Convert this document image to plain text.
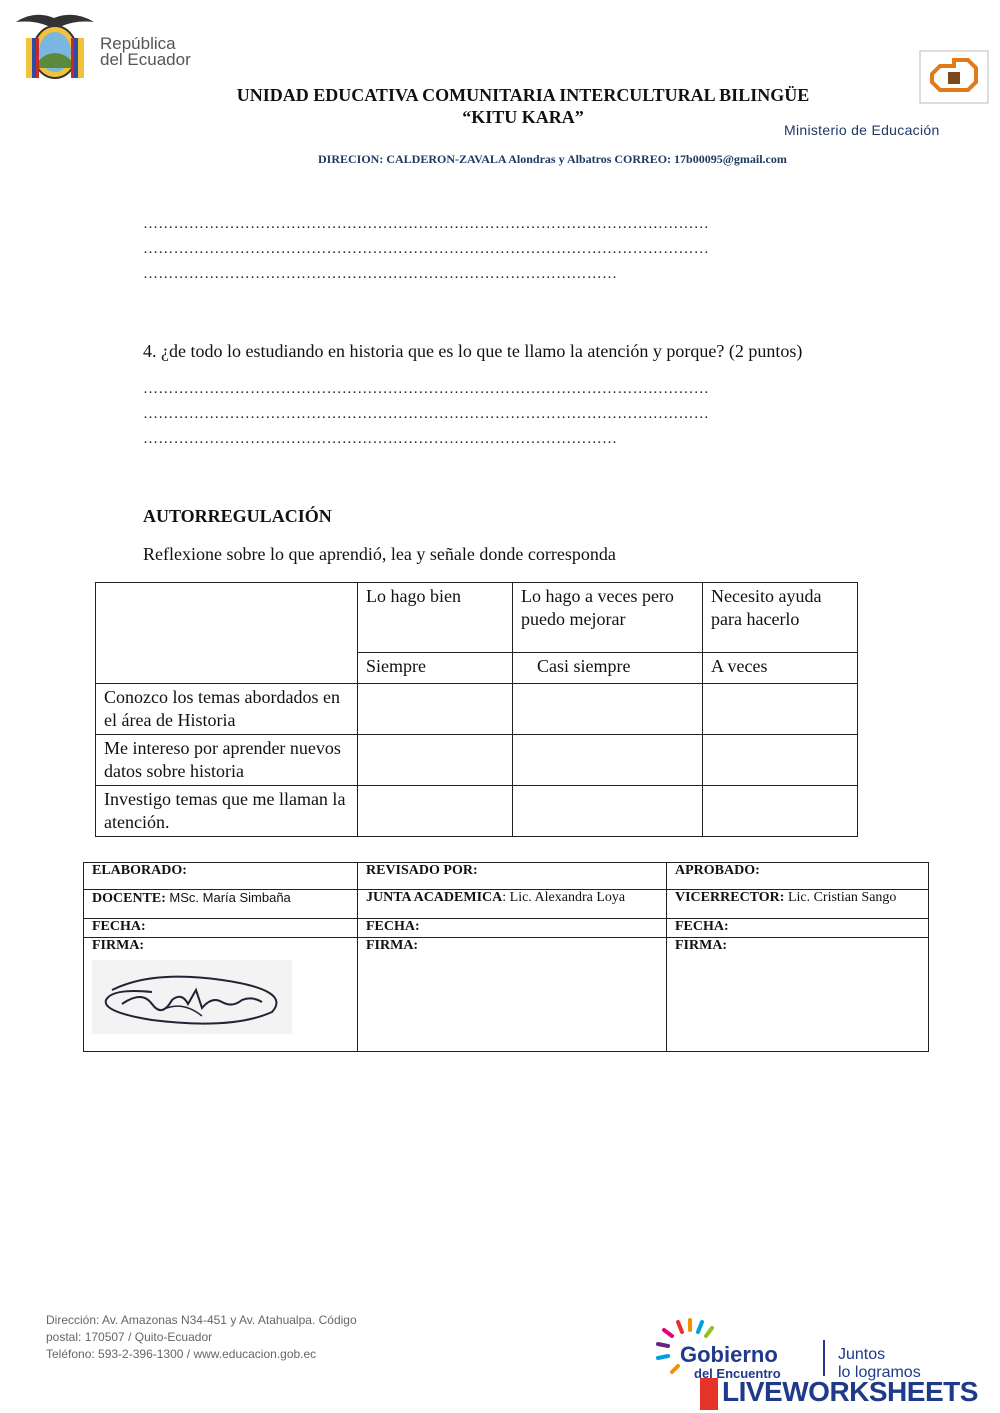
República
del Ecuador
UNIDAD EDUCATIVA COMUNITARIA INTERCULTURAL BILINGÜE
“KITU KARA”
Ministerio de Educación
DIRECION: CALDERON-ZAVALA Alondras y Albatros CORREO: 17b00095@gmail.com
…………………………………………………………………………………………………
…………………………………………………………………………………………………
…………………………………………………………………………………
4. ¿de todo lo estudiando en historia que es lo que te llamo la atención y porque? (2 puntos)
…………………………………………………………………………………………………
…………………………………………………………………………………………………
…………………………………………………………………………………
AUTORREGULACIÓN
Reflexione sobre lo que aprendió, lea y señale donde corresponda
	Lo hago bien	Lo hago a veces pero puedo mejorar	Necesito ayuda para hacerlo
	Siempre	Casi siempre	A veces
Conozco los temas abordados en el área de Historia			
Me intereso por aprender nuevos datos sobre historia			
Investigo temas que me llaman la atención.			
ELABORADO:	REVISADO POR:	APROBADO:
DOCENTE: MSc. María Simbaña	JUNTA ACADEMICA: Lic. Alexandra Loya	VICERRECTOR: Lic. Cristian Sango
FECHA:	FECHA:	FECHA:

FIRMA:	FIRMA:	FIRMA:
Dirección: Av. Amazonas N34-451 y Av. Atahualpa. Código
postal: 170507 / Quito-Ecuador
Teléfono: 593-2-396-1300 / www.educacion.gob.ec	Gobierno
del Encuentro
Juntos
lo logramos
LIVEWORKSHEETS
